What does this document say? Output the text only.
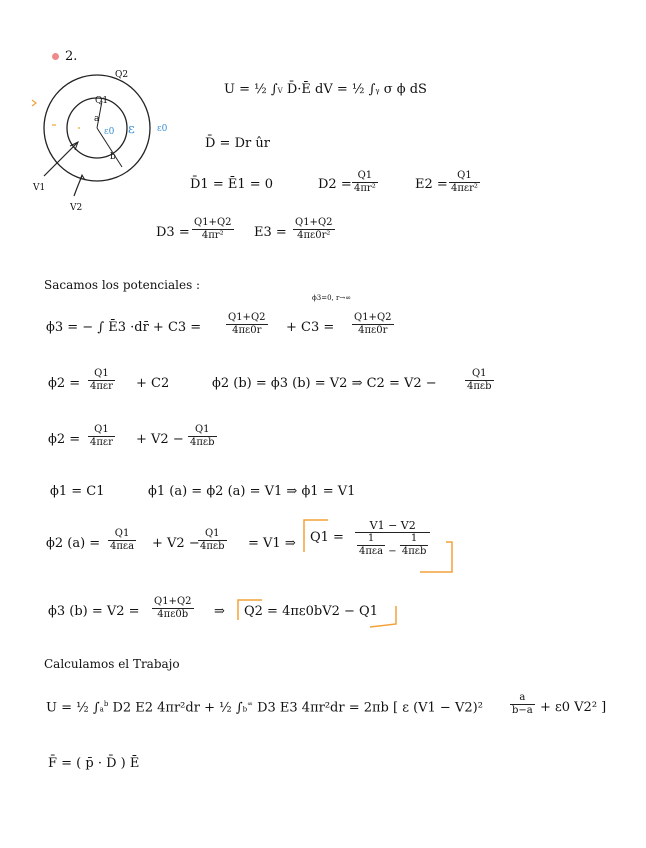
2.
Q2
Q1
a
ε0 ε ε0
b
V1
V2
U = ½ ∫V D̄·Ē dV = ½ ∫γ σ ϕ dS
D̄ = Dr ûr
D̄1 = Ē1 = 0	$D2 = \frac{Q1}{\text{4πr²}}$	E2 =
Q1
4πεr²
$D3 = \frac{Q1+Q2}{\text{4πr²}} E3 = \frac{Q1+Q2}{\text{4πε0r²}}$
Sacamos los potenciales :
ϕ3 = − ∫ Ē3 ·dr̄ + $C3 = \frac{Q1+Q2}{4\pi\varepsilon 0r} + C3$ =
ϕ3=0, r→∞
$\frac{Q1+Q2}{4\pi\varepsilon 0r}$
ϕ2 =
Q1
4πεr + C2	ϕ2 (b) = ϕ3 (b) = V2 ⇒ C2 = V2 −
Q1
4πεb
ϕ2 =
Q1
4πεr + V2 −
Q1
4πεb
ϕ1 = C1	ϕ1 (a) = ϕ2 (a) = V1 ⇒ ϕ1 = V1
ϕ2 (a) =
Q1
4πεa + V2 −
Q1
4πεb = V1 ⇒ Q1 =
V1 − V2
$\frac{1}{\text{4πεa}} - \frac{1}{\text{4πεb}}$
ϕ3 $(b) = V2 = \frac{Q1+Q2}{4\pi\varepsilon 0b}$ ⇒ Q2 = 4πε0bV2 − Q1
Calculamos el Trabajo
U = ½ $\int a^b$ D2 E2 4πr²dr + ½ ∫b∞ D3 E3 4πr²dr = 2πb [ ε (V1 − V2)²	$\frac{a}{b-a} + \varepsilon 0$ V2² ]
F̄ = ( p̄ · D̄ ) Ē
